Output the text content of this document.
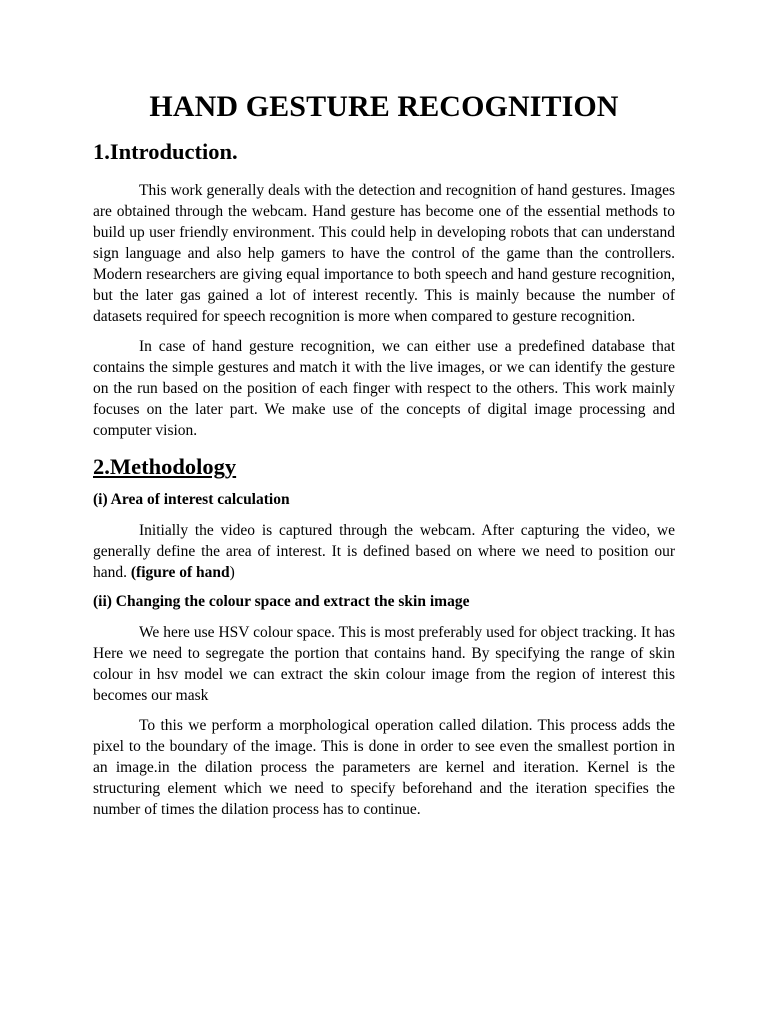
HAND GESTURE RECOGNITION
1.Introduction.

This work generally deals with the detection and recognition of hand gestures. Images are obtained through the webcam. Hand gesture has become one of the essential methods to build up user friendly environment. This could help in developing robots that can understand sign language and also help gamers to have the control of the game than the controllers. Modern researchers are giving equal importance to both speech and hand gesture recognition, but the later gas gained a lot of interest recently. This is mainly because the number of datasets required for speech recognition is more when compared to gesture recognition.

In case of hand gesture recognition, we can either use a predefined database that contains the simple gestures and match it with the live images, or we can identify the gesture on the run based on the position of each finger with respect to the others. This work mainly focuses on the later part. We make use of the concepts of digital image processing and computer vision.

2.Methodology
(i) Area of interest calculation

Initially the video is captured through the webcam. After capturing the video, we generally define the area of interest. It is defined based on where we need to position our hand. (figure of hand)

(ii) Changing the colour space and extract the skin image

We here use HSV colour space. This is most preferably used for object tracking. It has Here we need to segregate the portion that contains hand. By specifying the range of skin colour in hsv model we can extract the skin colour image from the region of interest this becomes our mask

To this we perform a morphological operation called dilation. This process adds the pixel to the boundary of the image. This is done in order to see even the smallest portion in an image.in the dilation process the parameters are kernel and iteration. Kernel is the structuring element which we need to specify beforehand and the iteration specifies the number of times the dilation process has to continue.
